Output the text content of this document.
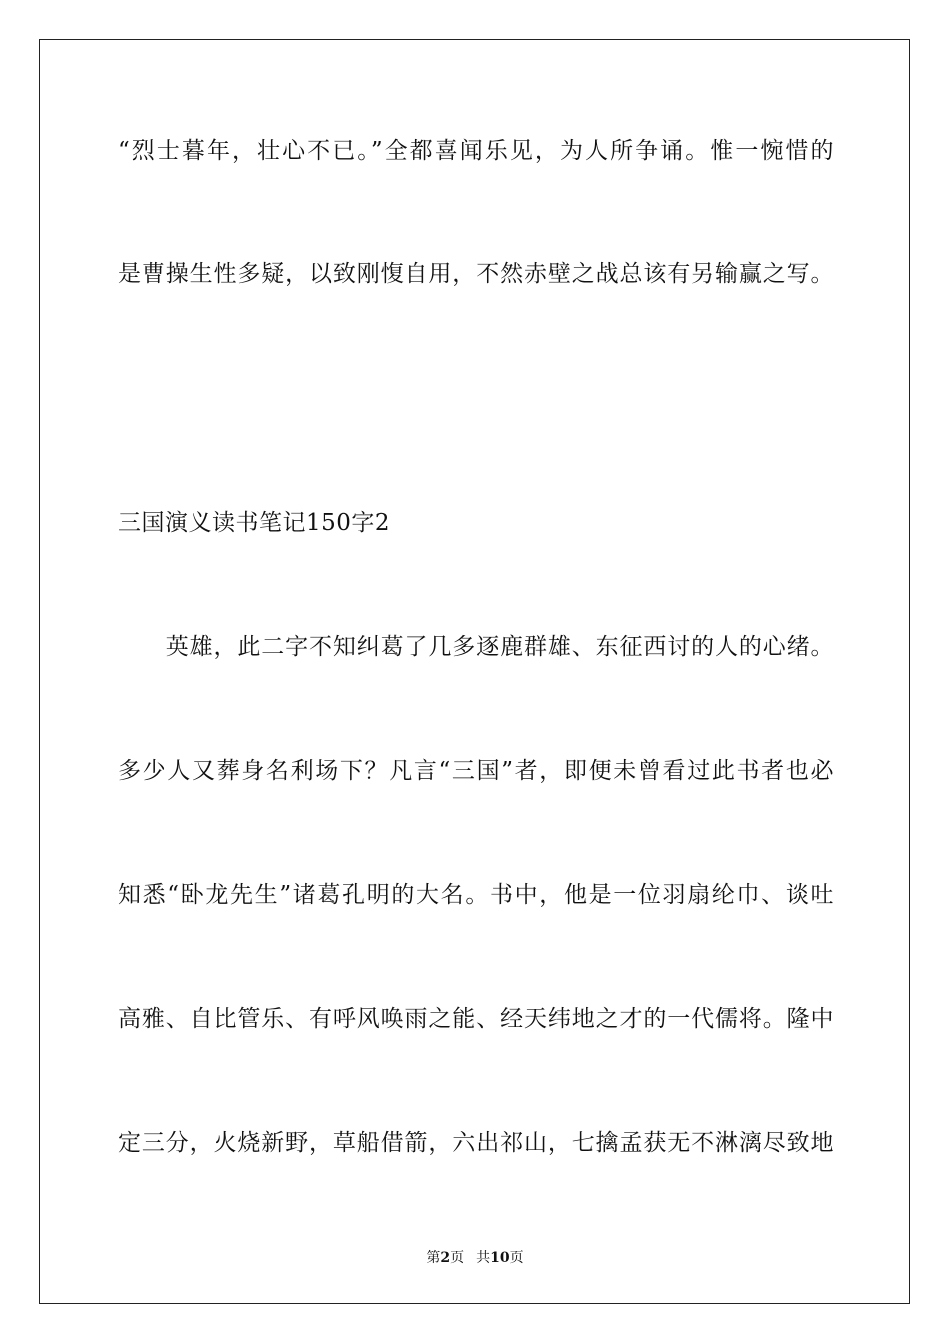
“烈士暮年，壮心不已。”全都喜闻乐见，为人所争诵。惟一惋惜的

是曹操生性多疑，以致刚愎自用，不然赤壁之战总该有另输赢之写。

三国演义读书笔记150字2

　　英雄，此二字不知纠葛了几多逐鹿群雄、东征西讨的人的心绪。

多少人又葬身名利场下？凡言“三国”者，即便未曾看过此书者也必

知悉“卧龙先生”诸葛孔明的大名。书中，他是一位羽扇纶巾、谈吐

高雅、自比管乐、有呼风唤雨之能、经天纬地之才的一代儒将。隆中

定三分，火烧新野，草船借箭，六出祁山，七擒孟获无不淋漓尽致地

第2页 共10页
